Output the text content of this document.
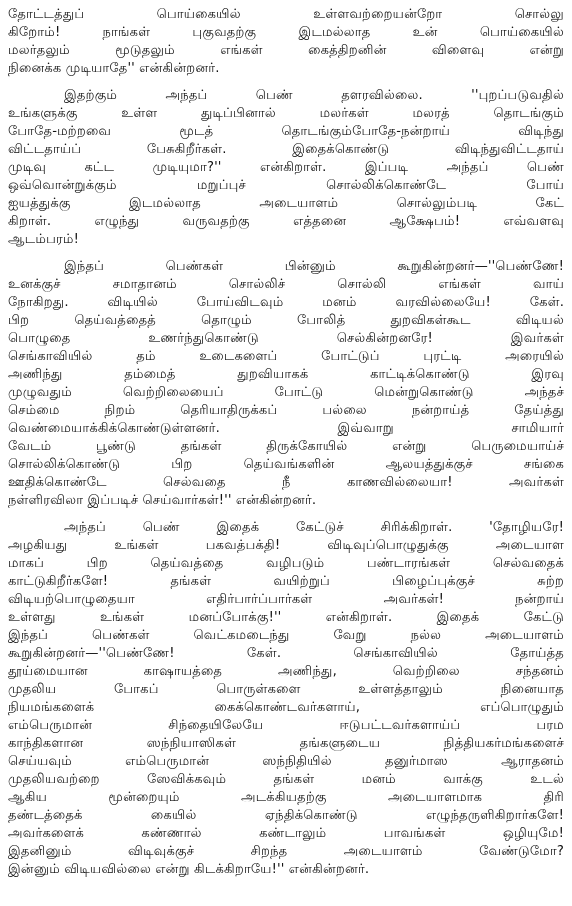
தோட்டத்துப் பொய்கையில் உள்ளவற்றையன்றோ சொல்லு
கிறோம்! நாங்கள் புகுவதற்கு இடமல்லாத உன் பொய்கையில்
மலர்தலும் மூடுதலும் எங்கள் கைத்திறனின் விளைவு என்று
நினைக்க முடியாதே'' என்கின்றனர்.

இதற்கும் அந்தப் பெண் தளரவில்லை. ''புறப்படுவதில்
உங்களுக்கு உள்ள துடிப்பினால் மலர்கள் மலரத் தொடங்கும்
போதே-மற்றவை மூடத் தொடங்கும்போதே-நன்றாய் விடிந்து
விட்டதாய்ப் பேசுகிறீர்கள். இதைக்கொண்டு விடிந்துவிட்டதாய்
முடிவு கட்ட முடியுமா?'' என்கிறாள். இப்படி அந்தப் பெண்
ஒவ்வொன்றுக்கும் மறுப்புச் சொல்லிக்கொண்டே போய்
ஐயத்துக்கு இடமல்லாத அடையாளம் சொல்லும்படி கேட்
கிறாள். எழுந்து வருவதற்கு எத்தனை ஆக்ஷேபம்! எவ்வளவு
ஆடம்பரம்!

இந்தப் பெண்கள் பின்னும் கூறுகின்றனர்—''பெண்ணே!
உனக்குச் சமாதானம் சொல்லிச் சொல்லி எங்கள் வாய்
நோகிறது. விடியில் போய்விடவும் மனம் வரவில்லையே! கேள்.
பிற தெய்வத்தைத் தொழும் போலித் துறவிகள்கூட விடியல்
பொழுதை உணர்ந்துகொண்டு செல்கின்றனரே! இவர்கள்
செங்காவியில் தம் உடைகளைப் போட்டுப் புரட்டி அரையில்
அணிந்து தம்மைத் துறவியாகக் காட்டிக்கொண்டு இரவு
முழுவதும் வெற்றிலையைப் போட்டு மென்றுகொண்டு அந்தச்
செம்மை நிறம் தெரியாதிருக்கப் பல்லை நன்றாய்த் தேய்த்து
வெண்மையாக்கிக்கொண்டுள்ளனர். இவ்வாறு சாமியார்
வேடம் பூண்டு தங்கள் திருக்கோயில் என்று பெருமையாய்ச்
சொல்லிக்கொண்டு பிற தெய்வங்களின் ஆலயத்துக்குச் சங்கை
ஊதிக்கொண்டே செல்வதை நீ காணவில்லையா! அவர்கள்
நள்ளிரவிலா இப்படிச் செய்வார்கள்!'' என்கின்றனர்.

அந்தப் பெண் இதைக் கேட்டுச் சிரிக்கிறாள். 'தோழியரே!
அழகியது உங்கள் பகவத்பக்தி! விடிவுப்பொழுதுக்கு அடையாள
மாகப் பிற தெய்வத்தை வழிபடும் பண்டாரங்கள் செல்வதைக்
காட்டுகிறீர்களே! தங்கள் வயிற்றுப் பிழைப்புக்குச் சுற்ற
விடியற்பொழுதையா எதிர்பார்ப்பார்கள் அவர்கள்! நன்றாய்
உள்ளது உங்கள் மனப்போக்கு!'' என்கிறாள். இதைக் கேட்டு
இந்தப் பெண்கள் வெட்கமடைந்து வேறு நல்ல அடையாளம்
கூறுகின்றனர்—''பெண்ணே! கேள். செங்காவியில் தோய்த்த
தூய்மையான காஷாயத்தை அணிந்து, வெற்றிலை சந்தனம்
முதலிய போகப் பொருள்களை உள்ளத்தாலும் நினையாத
நியமங்களைக் கைக்கொண்டவர்களாய், எப்பொழுதும்
எம்பெருமான் சிந்தையிலேயே ஈடுபட்டவர்களாய்ப் பரம
காந்திகளான ஸந்நியாஸிகள் தங்களுடைய நித்தியகர்மங்களைச்
செய்யவும் எம்பெருமான் ஸந்நிதியில் தனுர்மாஸ ஆராதனம்
முதலியவற்றை ஸேவிக்கவும் தங்கள் மனம் வாக்கு உடல்
ஆகிய மூன்றையும் அடக்கியதற்கு அடையாளமாக திரி
தண்டத்தைக் கையில் ஏந்திக்கொண்டு எழுந்தருளிகிறார்களே!
அவர்களைக் கண்ணால் கண்டாலும் பாவங்கள் ஒழியுமே!
இதனினும் விடிவுக்குச் சிறந்த அடையாளம் வேண்டுமோ?
இன்னும் விடியவில்லை என்று கிடக்கிறாயே!'' என்கின்றனர்.
